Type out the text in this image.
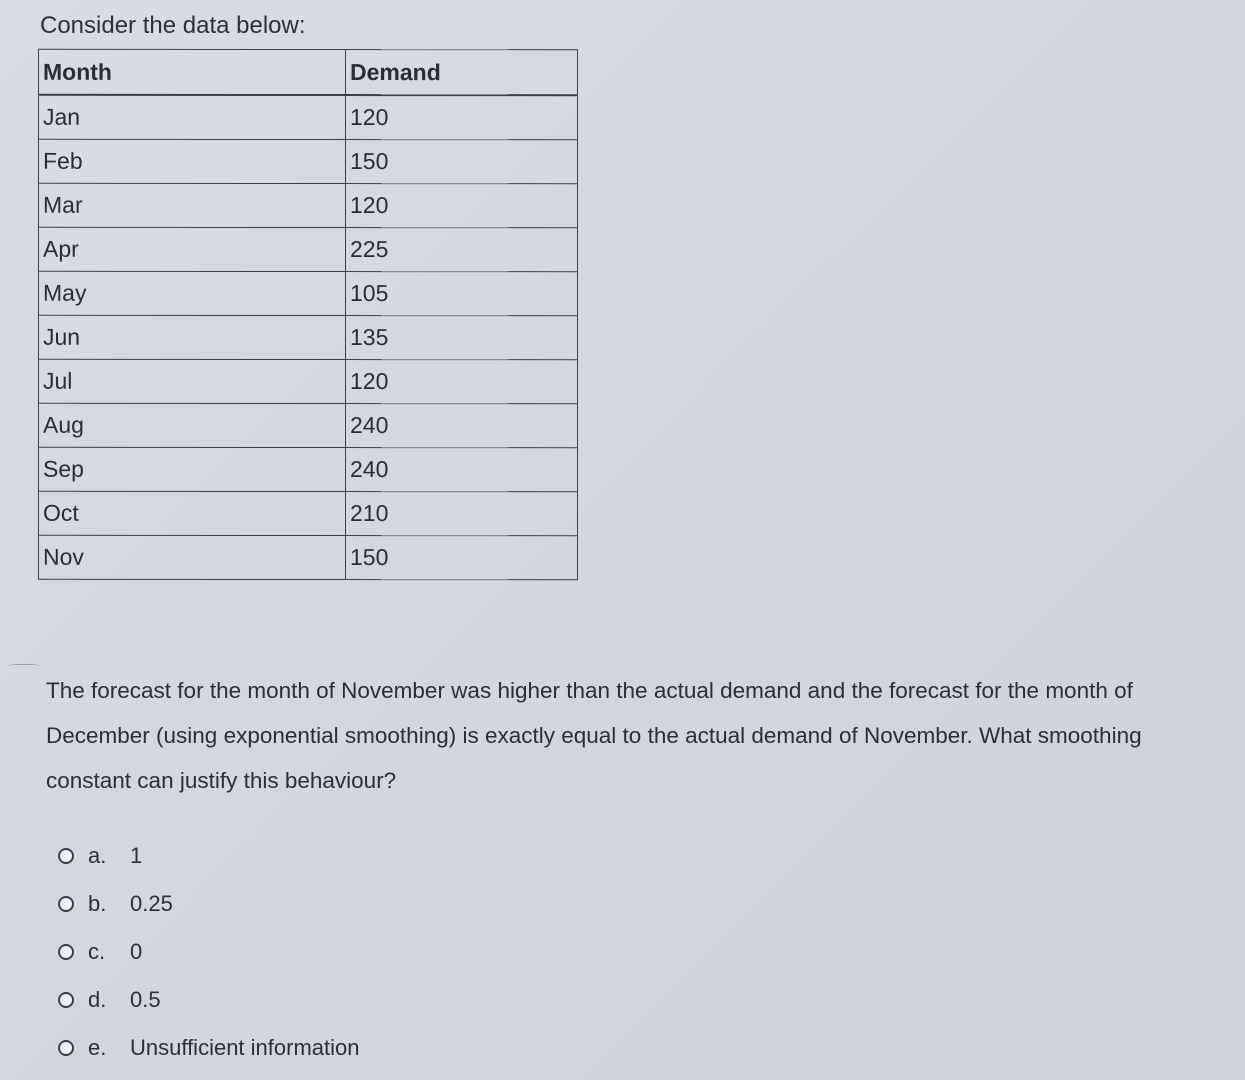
Consider the data below:
Month	Demand
Jan	120
Feb	150
Mar	120
Apr	225
May	105
Jun	135
Jul	120
Aug	240
Sep	240
Oct	210
Nov	150
The forecast for the month of November was higher than the actual demand and the forecast for the month of December (using exponential smoothing) is exactly equal to the actual demand of November. What smoothing constant can justify this behaviour?
a.	1
b.	0.25
c.	0
d.	0.5
e.	Unsufficient information
